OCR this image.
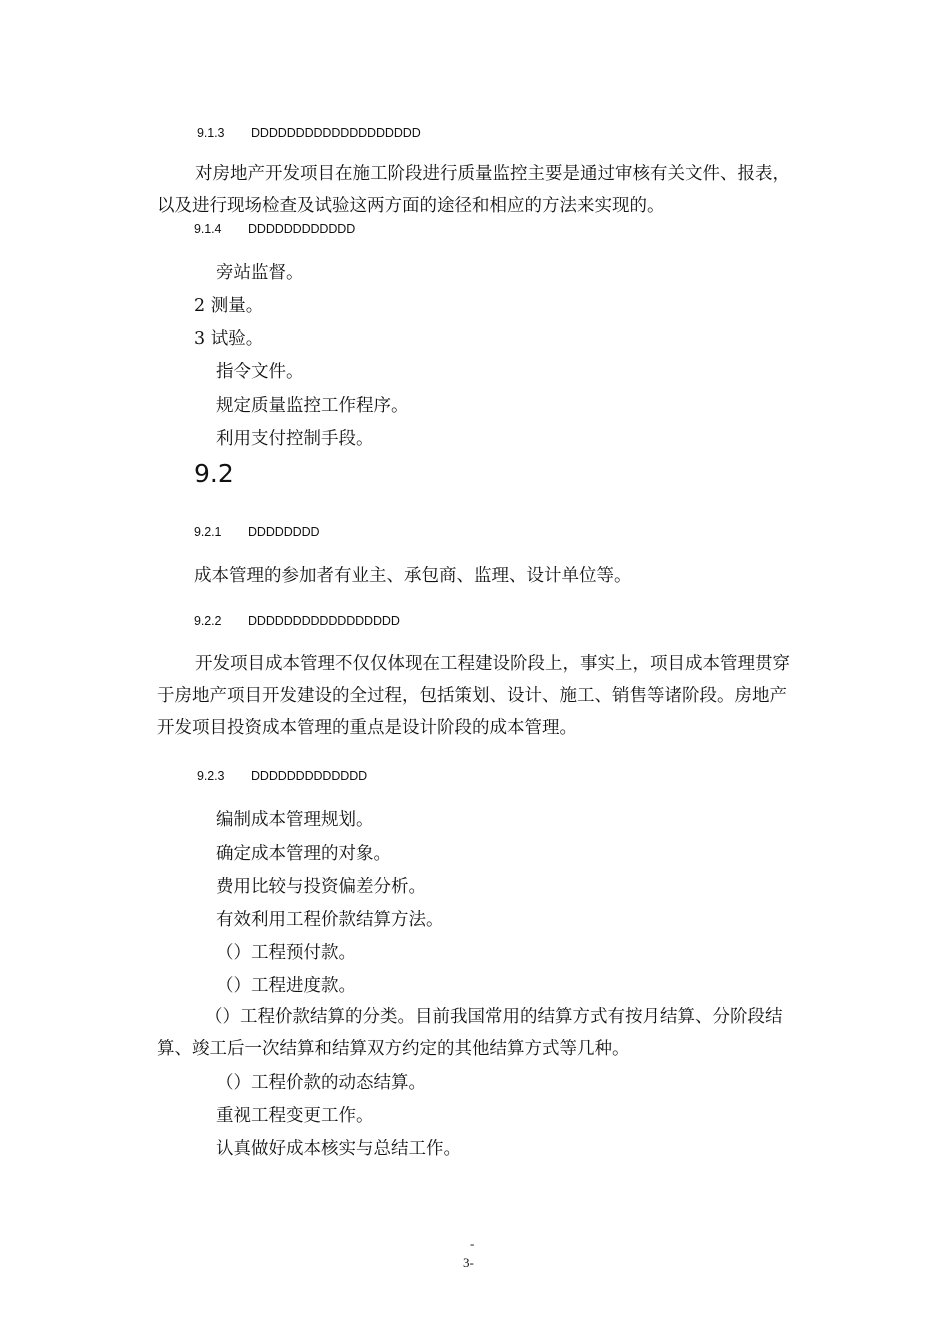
9.1.3 DDDDDDDDDDDDDDDDDDD
对房地产开发项目在施工阶段进行质量监控主要是通过审核有关文件、报表，以及进行现场检查及试验这两方面的途径和相应的方法来实现的。
9.1.4 DDDDDDDDDDDD
旁站监督。
2 测量。
3 试验。
指令文件。
规定质量监控工作程序。
利用支付控制手段。
9.2
9.2.1 DDDDDDDD
成本管理的参加者有业主、承包商、监理、设计单位等。
9.2.2 DDDDDDDDDDDDDDDDD
开发项目成本管理不仅仅体现在工程建设阶段上，事实上，项目成本管理贯穿于房地产项目开发建设的全过程，包括策划、设计、施工、销售等诸阶段。房地产开发项目投资成本管理的重点是设计阶段的成本管理。
9.2.3 DDDDDDDDDDDDD
编制成本管理规划。
确定成本管理的对象。
费用比较与投资偏差分析。
有效利用工程价款结算方法。
（）工程预付款。
（）工程进度款。
（）工程价款结算的分类。目前我国常用的结算方式有按月结算、分阶段结算、竣工后一次结算和结算双方约定的其他结算方式等几种。
（）工程价款的动态结算。
重视工程变更工作。
认真做好成本核实与总结工作。
-
3-
